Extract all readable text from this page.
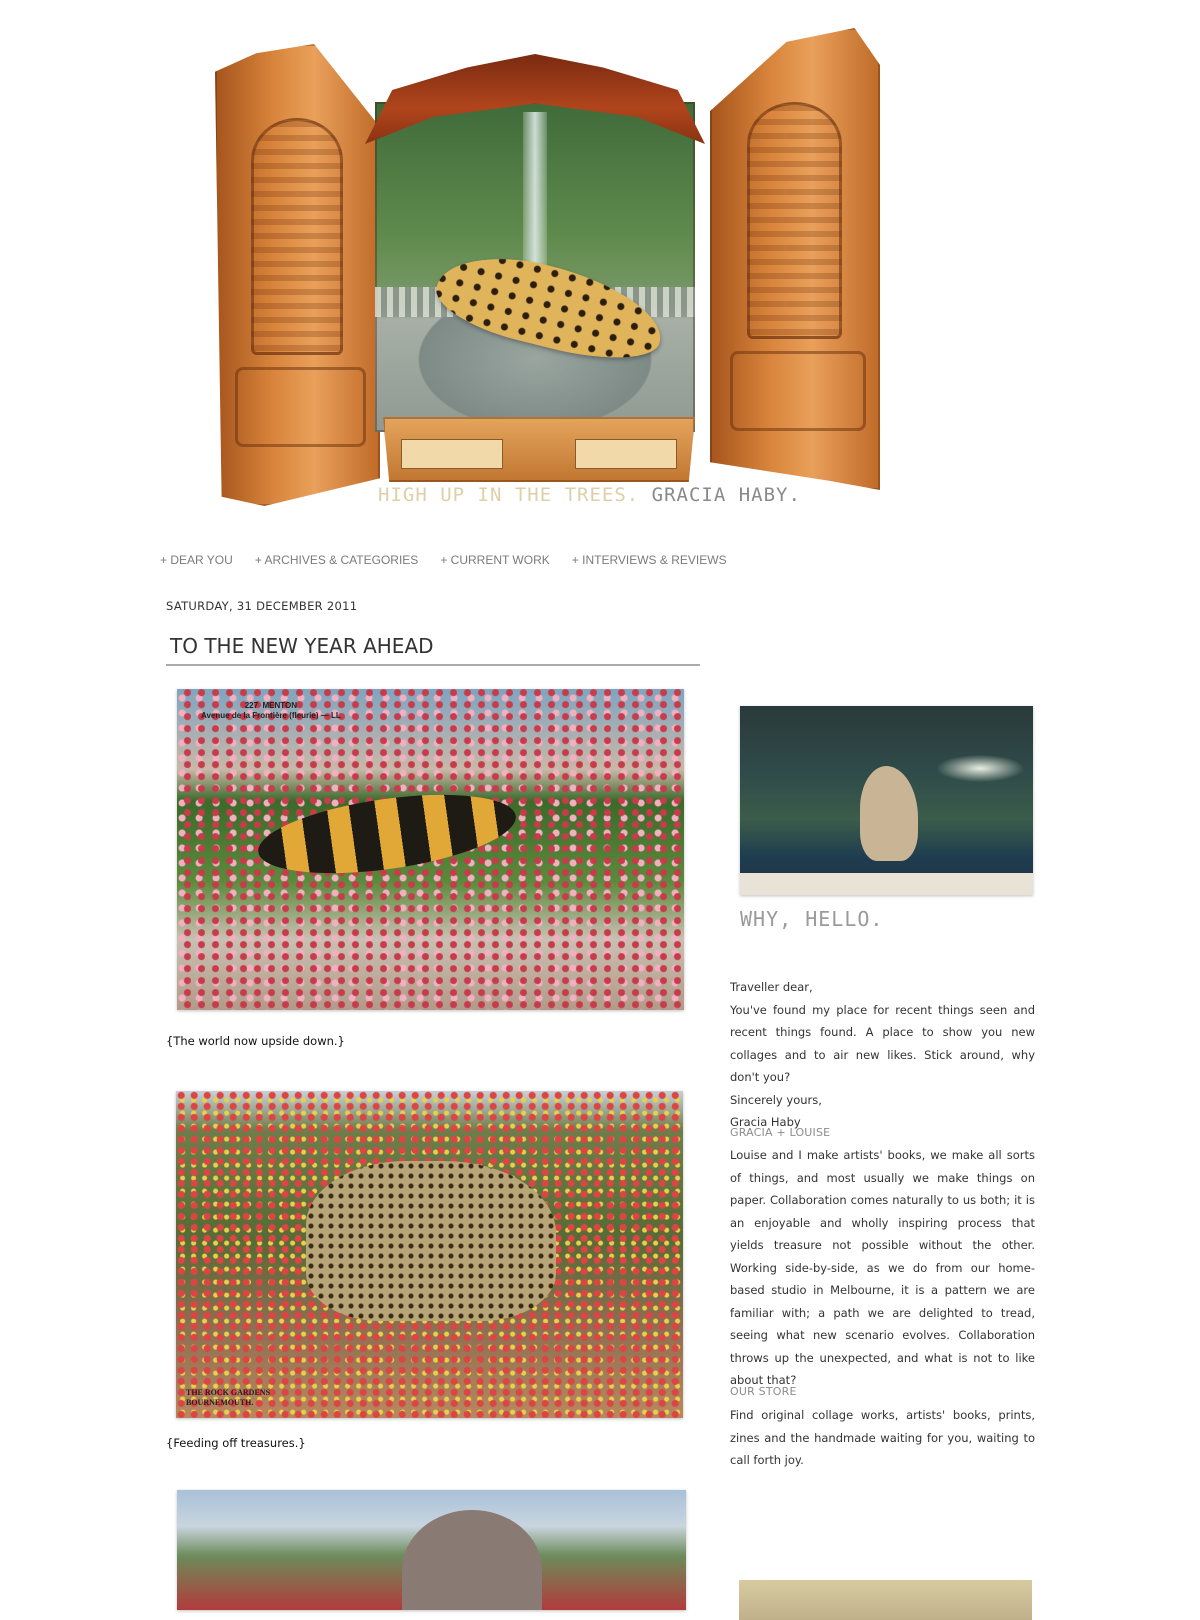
HIGH UP IN THE TREES. GRACIA HABY.
+ DEAR YOU + ARCHIVES & CATEGORIES + CURRENT WORK + INTERVIEWS & REVIEWS
SATURDAY, 31 DECEMBER 2011
TO THE NEW YEAR AHEAD
227  MENTON
Avenue de la Frontière (fleurie) — LL
{The world now upside down.}
THE ROCK GARDENS
BOURNEMOUTH.
{Feeding off treasures.}
WHY, HELLO.
Traveller dear,
You've found my place for recent things seen and recent things found. A place to show you new collages and to air new likes. Stick around, why don't you?
Sincerely yours,
Gracia Haby
GRACIA + LOUISE
Louise and I make artists' books, we make all sorts of things, and most usually we make things on paper. Collaboration comes naturally to us both; it is an enjoyable and wholly inspiring process that yields treasure not possible without the other. Working side-by-side, as we do from our home-based studio in Melbourne, it is a pattern we are familiar with; a path we are delighted to tread, seeing what new scenario evolves. Collaboration throws up the unexpected, and what is not to like about that?
OUR STORE
Find original collage works, artists' books, prints, zines and the handmade waiting for you, waiting to call forth joy.
